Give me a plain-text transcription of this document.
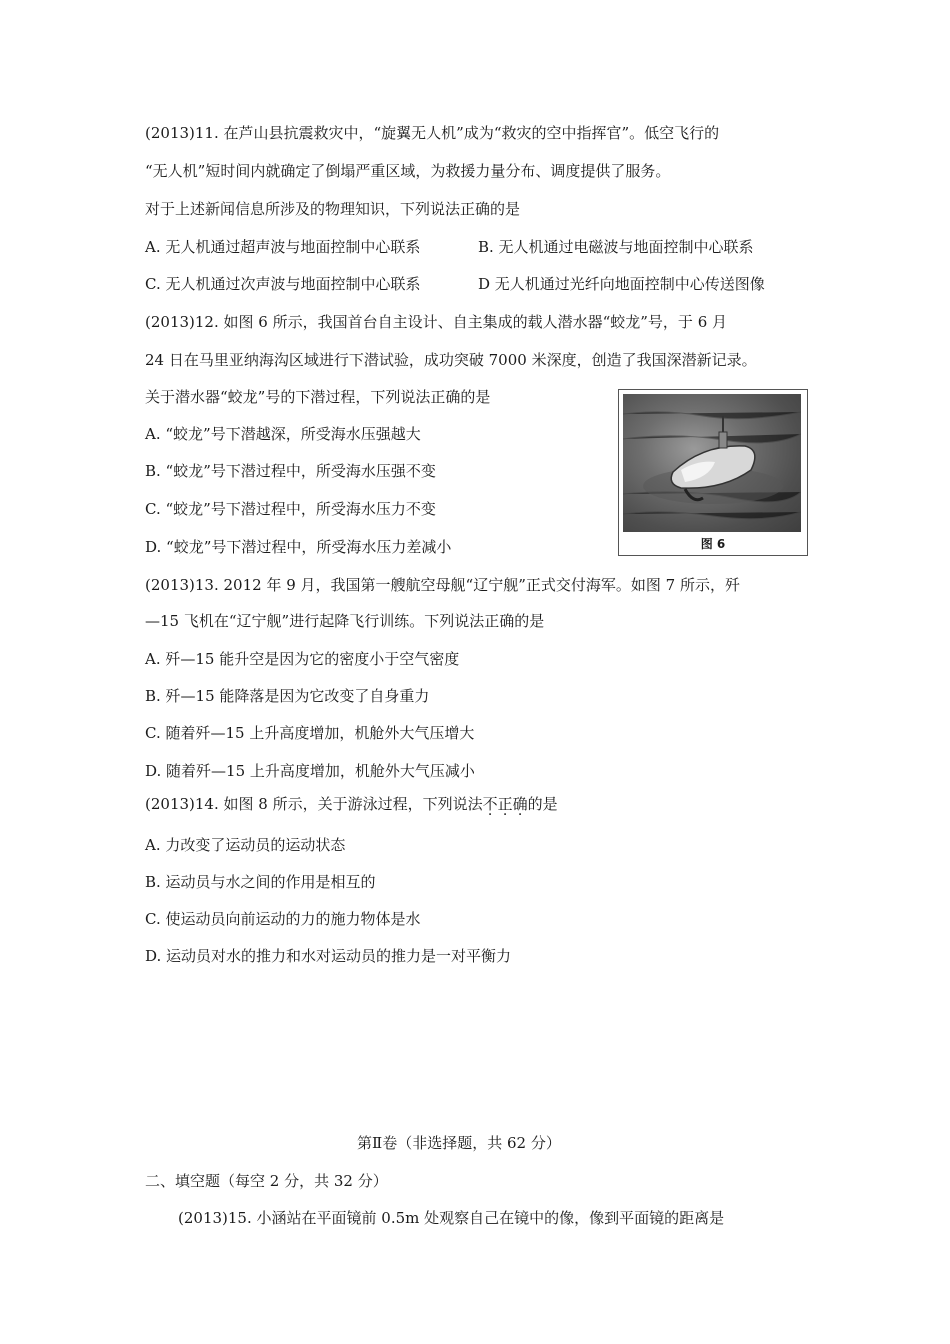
(2013)11. 在芦山县抗震救灾中，“旋翼无人机”成为“救灾的空中指挥官”。低空飞行的
“无人机”短时间内就确定了倒塌严重区域，为救援力量分布、调度提供了服务。
对于上述新闻信息所涉及的物理知识，下列说法正确的是
A. 无人机通过超声波与地面控制中心联系	B. 无人机通过电磁波与地面控制中心联系
C. 无人机通过次声波与地面控制中心联系	D 无人机通过光纤向地面控制中心传送图像
(2013)12. 如图 6 所示，我国首台自主设计、自主集成的载人潜水器“蛟龙”号，于 6 月
24 日在马里亚纳海沟区域进行下潜试验，成功突破 7000 米深度，创造了我国深潜新记录。
关于潜水器“蛟龙”号的下潜过程，下列说法正确的是
A. “蛟龙”号下潜越深，所受海水压强越大
B. “蛟龙”号下潜过程中，所受海水压强不变
C. “蛟龙”号下潜过程中，所受海水压力不变
D. “蛟龙”号下潜过程中，所受海水压力差减小	图 6
(2013)13. 2012 年 9 月，我国第一艘航空母舰“辽宁舰”正式交付海军。如图 7 所示，歼
—15 飞机在“辽宁舰”进行起降飞行训练。下列说法正确的是
A. 歼—15 能升空是因为它的密度小于空气密度
B. 歼—15 能降落是因为它改变了自身重力
C. 随着歼—15 上升高度增加，机舱外大气压增大
D. 随着歼—15 上升高度增加，机舱外大气压减小
(2013)14. 如图 8 所示，关于游泳过程，下列说法不正确的是
A. 力改变了运动员的运动状态
B. 运动员与水之间的作用是相互的
C. 使运动员向前运动的力的施力物体是水
D. 运动员对水的推力和水对运动员的推力是一对平衡力
第Ⅱ卷（非选择题，共 62 分）
二、填空题（每空 2 分，共 32 分）
(2013)15. 小涵站在平面镜前 0.5m 处观察自己在镜中的像，像到平面镜的距离是
